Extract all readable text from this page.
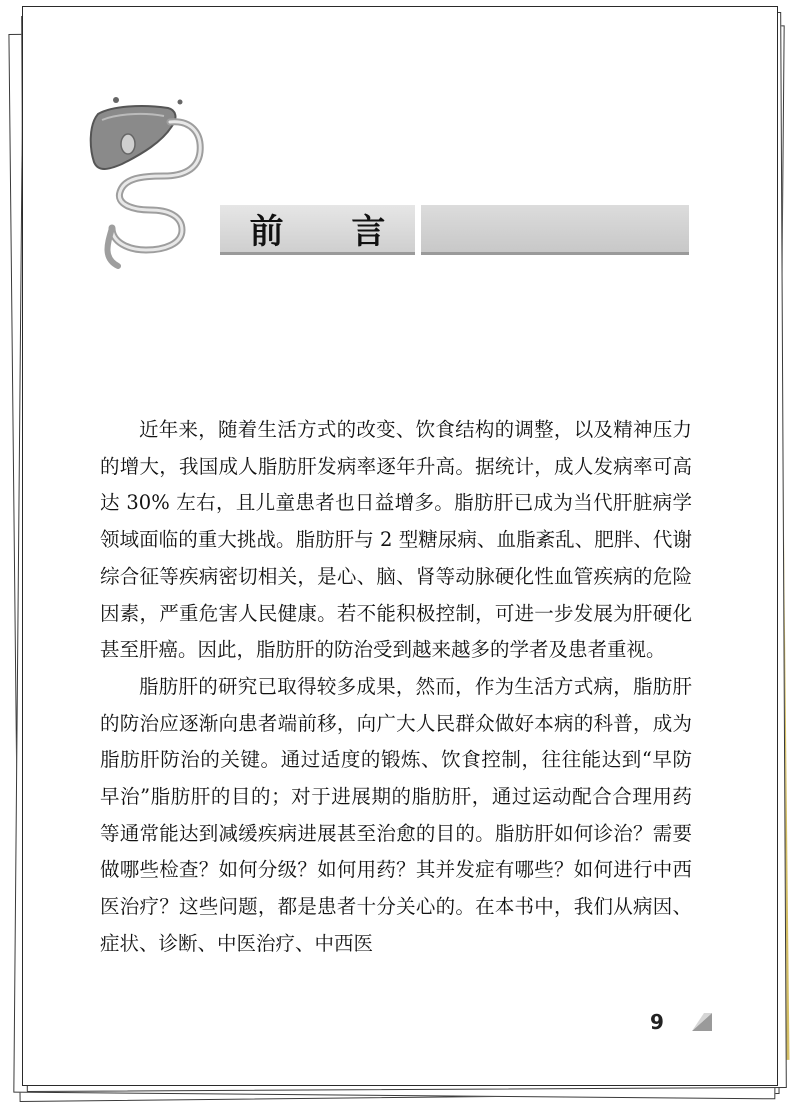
前 言

近年来，随着生活方式的改变、饮食结构的调整，以及精神压力的增大，我国成人脂肪肝发病率逐年升高。据统计，成人发病率可高达 30% 左右，且儿童患者也日益增多。脂肪肝已成为当代肝脏病学领域面临的重大挑战。脂肪肝与 2 型糖尿病、血脂紊乱、肥胖、代谢综合征等疾病密切相关，是心、脑、肾等动脉硬化性血管疾病的危险因素，严重危害人民健康。若不能积极控制，可进一步发展为肝硬化甚至肝癌。因此，脂肪肝的防治受到越来越多的学者及患者重视。

脂肪肝的研究已取得较多成果，然而，作为生活方式病，脂肪肝的防治应逐渐向患者端前移，向广大人民群众做好本病的科普，成为脂肪肝防治的关键。通过适度的锻炼、饮食控制，往往能达到“早防早治”脂肪肝的目的；对于进展期的脂肪肝，通过运动配合合理用药等通常能达到减缓疾病进展甚至治愈的目的。脂肪肝如何诊治？需要做哪些检查？如何分级？如何用药？其并发症有哪些？如何进行中西医治疗？这些问题，都是患者十分关心的。在本书中，我们从病因、症状、诊断、中医治疗、中西医

9
